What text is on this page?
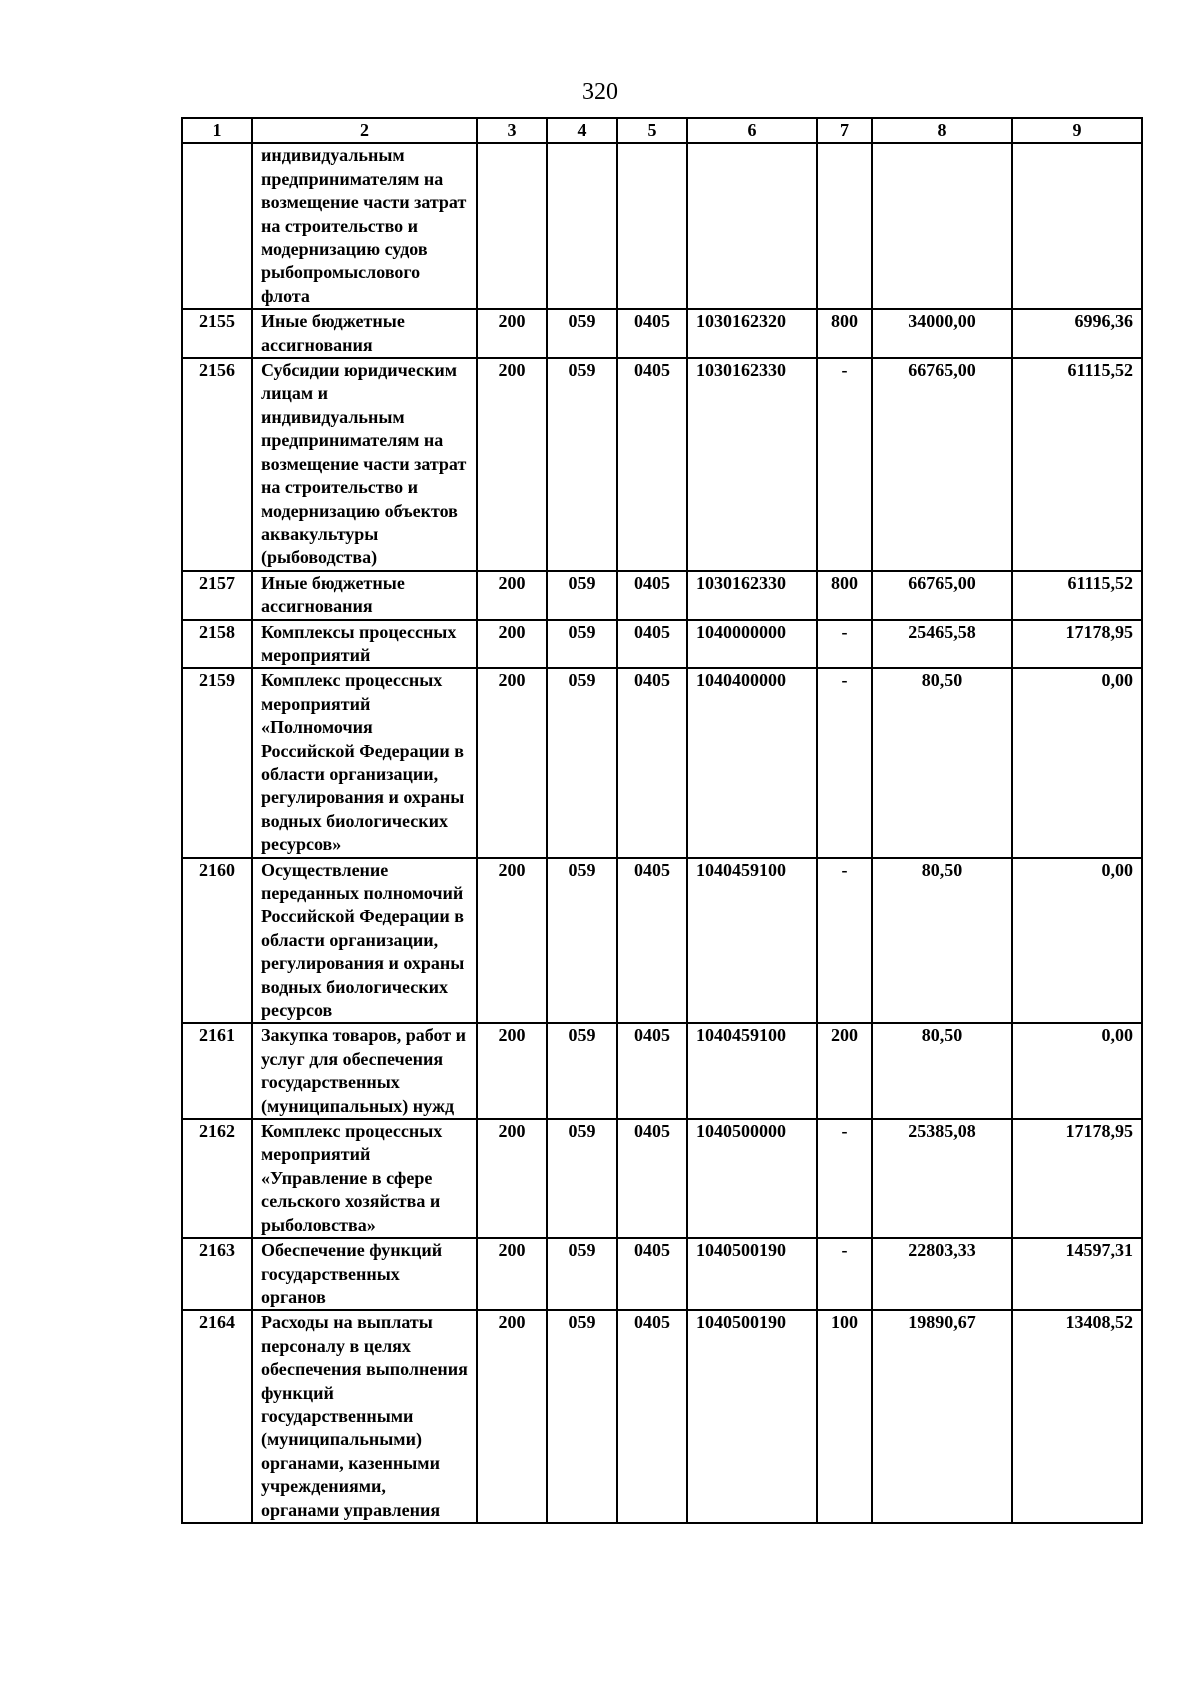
320
1	2	3	4	5	6	7	8	9
	индивидуальным предпринимателям на возмещение части затрат на строительство и модернизацию судов рыбопромыслового флота							
2155	Иные бюджетные ассигнования	200	059	0405	1030162320	800	34000,00	6996,36
2156	Субсидии юридическим лицам и индивидуальным предпринимателям на возмещение части затрат на строительство и модернизацию объектов аквакультуры (рыбоводства)	200	059	0405	1030162330	-	66765,00	61115,52
2157	Иные бюджетные ассигнования	200	059	0405	1030162330	800	66765,00	61115,52
2158	Комплексы процессных мероприятий	200	059	0405	1040000000	-	25465,58	17178,95
2159	Комплекс процессных мероприятий «Полномочия Российской Федерации в области организации, регулирования и охраны водных биологических ресурсов»	200	059	0405	1040400000	-	80,50	0,00
2160	Осуществление переданных полномочий Российской Федерации в области организации, регулирования и охраны водных биологических ресурсов	200	059	0405	1040459100	-	80,50	0,00
2161	Закупка товаров, работ и услуг для обеспечения государственных (муниципальных) нужд	200	059	0405	1040459100	200	80,50	0,00
2162	Комплекс процессных мероприятий «Управление в сфере сельского хозяйства и рыболовства»	200	059	0405	1040500000	-	25385,08	17178,95
2163	Обеспечение функций государственных органов	200	059	0405	1040500190	-	22803,33	14597,31
2164	Расходы на выплаты персоналу в целях обеспечения выполнения функций государственными (муниципальными) органами, казенными учреждениями, органами управления	200	059	0405	1040500190	100	19890,67	13408,52
